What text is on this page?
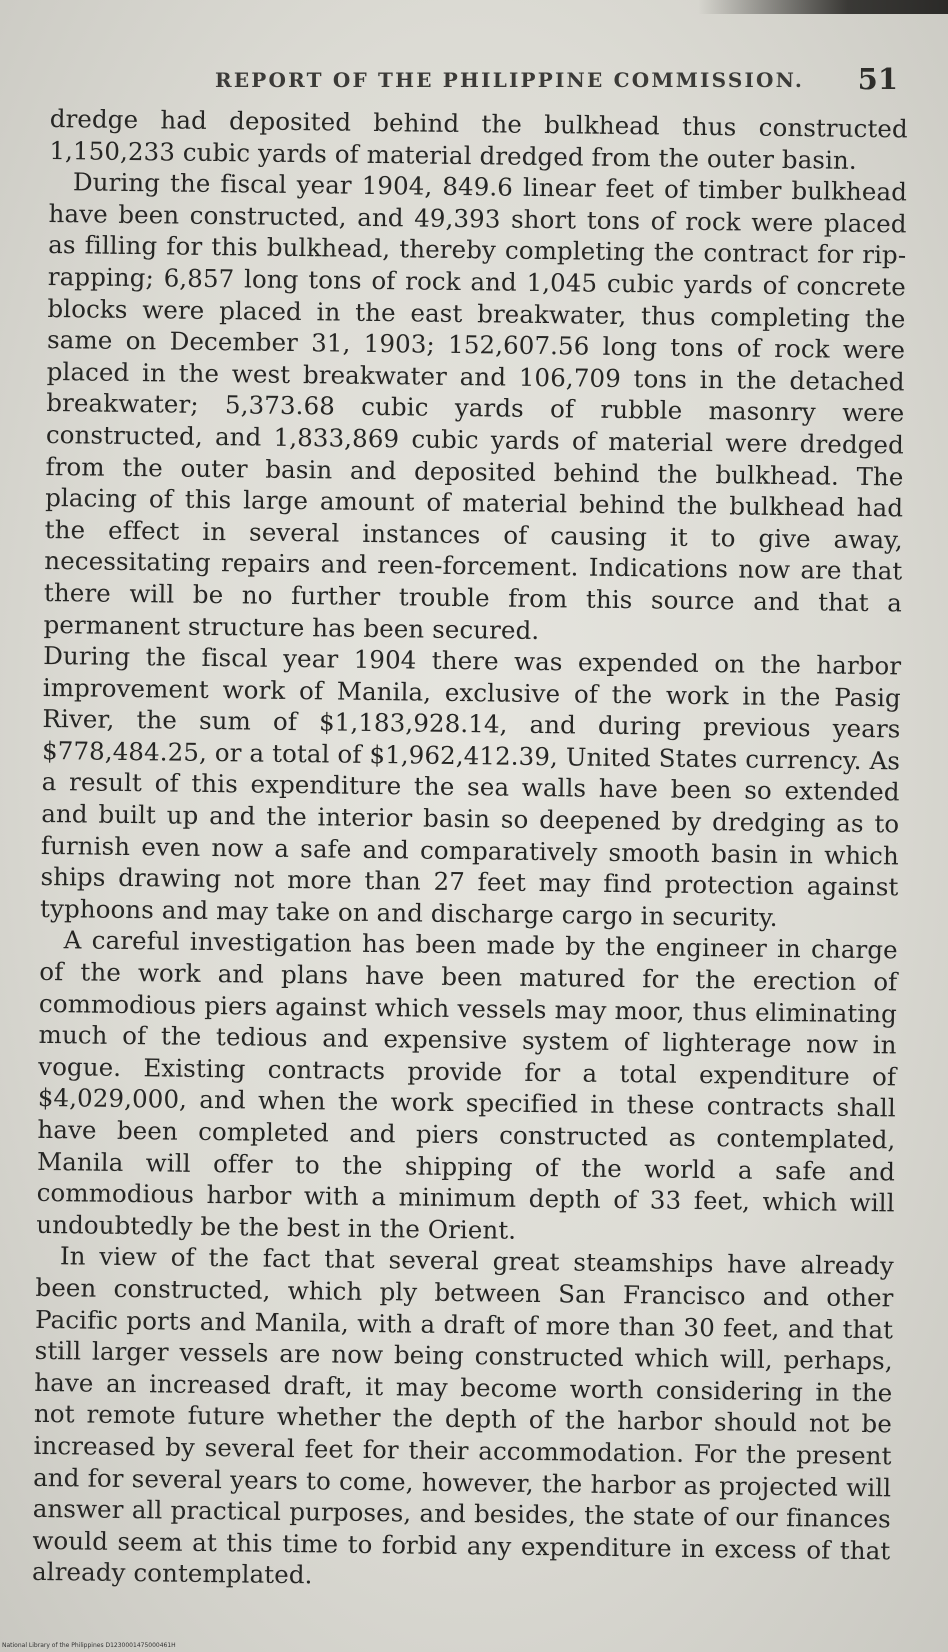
REPORT OF THE PHILIPPINE COMMISSION. 51

dredge had deposited behind the bulkhead thus constructed 1,150,233 cubic yards of material dredged from the outer basin.

During the fiscal year 1904, 849.6 linear feet of timber bulkhead have been constructed, and 49,393 short tons of rock were placed as filling for this bulkhead, thereby completing the contract for rip-rapping; 6,857 long tons of rock and 1,045 cubic yards of concrete blocks were placed in the east breakwater, thus completing the same on December 31, 1903; 152,607.56 long tons of rock were placed in the west breakwater and 106,709 tons in the detached breakwater; 5,373.68 cubic yards of rubble masonry were constructed, and 1,833,869 cubic yards of material were dredged from the outer basin and deposited behind the bulkhead. The placing of this large amount of material behind the bulkhead had the effect in several instances of causing it to give away, necessitating repairs and reen-forcement. Indications now are that there will be no further trouble from this source and that a permanent structure has been secured.

During the fiscal year 1904 there was expended on the harbor improvement work of Manila, exclusive of the work in the Pasig River, the sum of $1,183,928.14, and during previous years $778,484.25, or a total of $1,962,412.39, United States currency. As a result of this expenditure the sea walls have been so extended and built up and the interior basin so deepened by dredging as to furnish even now a safe and comparatively smooth basin in which ships drawing not more than 27 feet may find protection against typhoons and may take on and discharge cargo in security.

A careful investigation has been made by the engineer in charge of the work and plans have been matured for the erection of commodious piers against which vessels may moor, thus eliminating much of the tedious and expensive system of lighterage now in vogue. Existing contracts provide for a total expenditure of $4,029,000, and when the work specified in these contracts shall have been completed and piers constructed as contemplated, Manila will offer to the shipping of the world a safe and commodious harbor with a minimum depth of 33 feet, which will undoubtedly be the best in the Orient.

In view of the fact that several great steamships have already been constructed, which ply between San Francisco and other Pacific ports and Manila, with a draft of more than 30 feet, and that still larger vessels are now being constructed which will, perhaps, have an increased draft, it may become worth considering in the not remote future whether the depth of the harbor should not be increased by several feet for their accommodation. For the present and for several years to come, however, the harbor as projected will answer all practical purposes, and besides, the state of our finances would seem at this time to forbid any expenditure in excess of that already contemplated.

National Library of the Philippines D1230001475000461H
